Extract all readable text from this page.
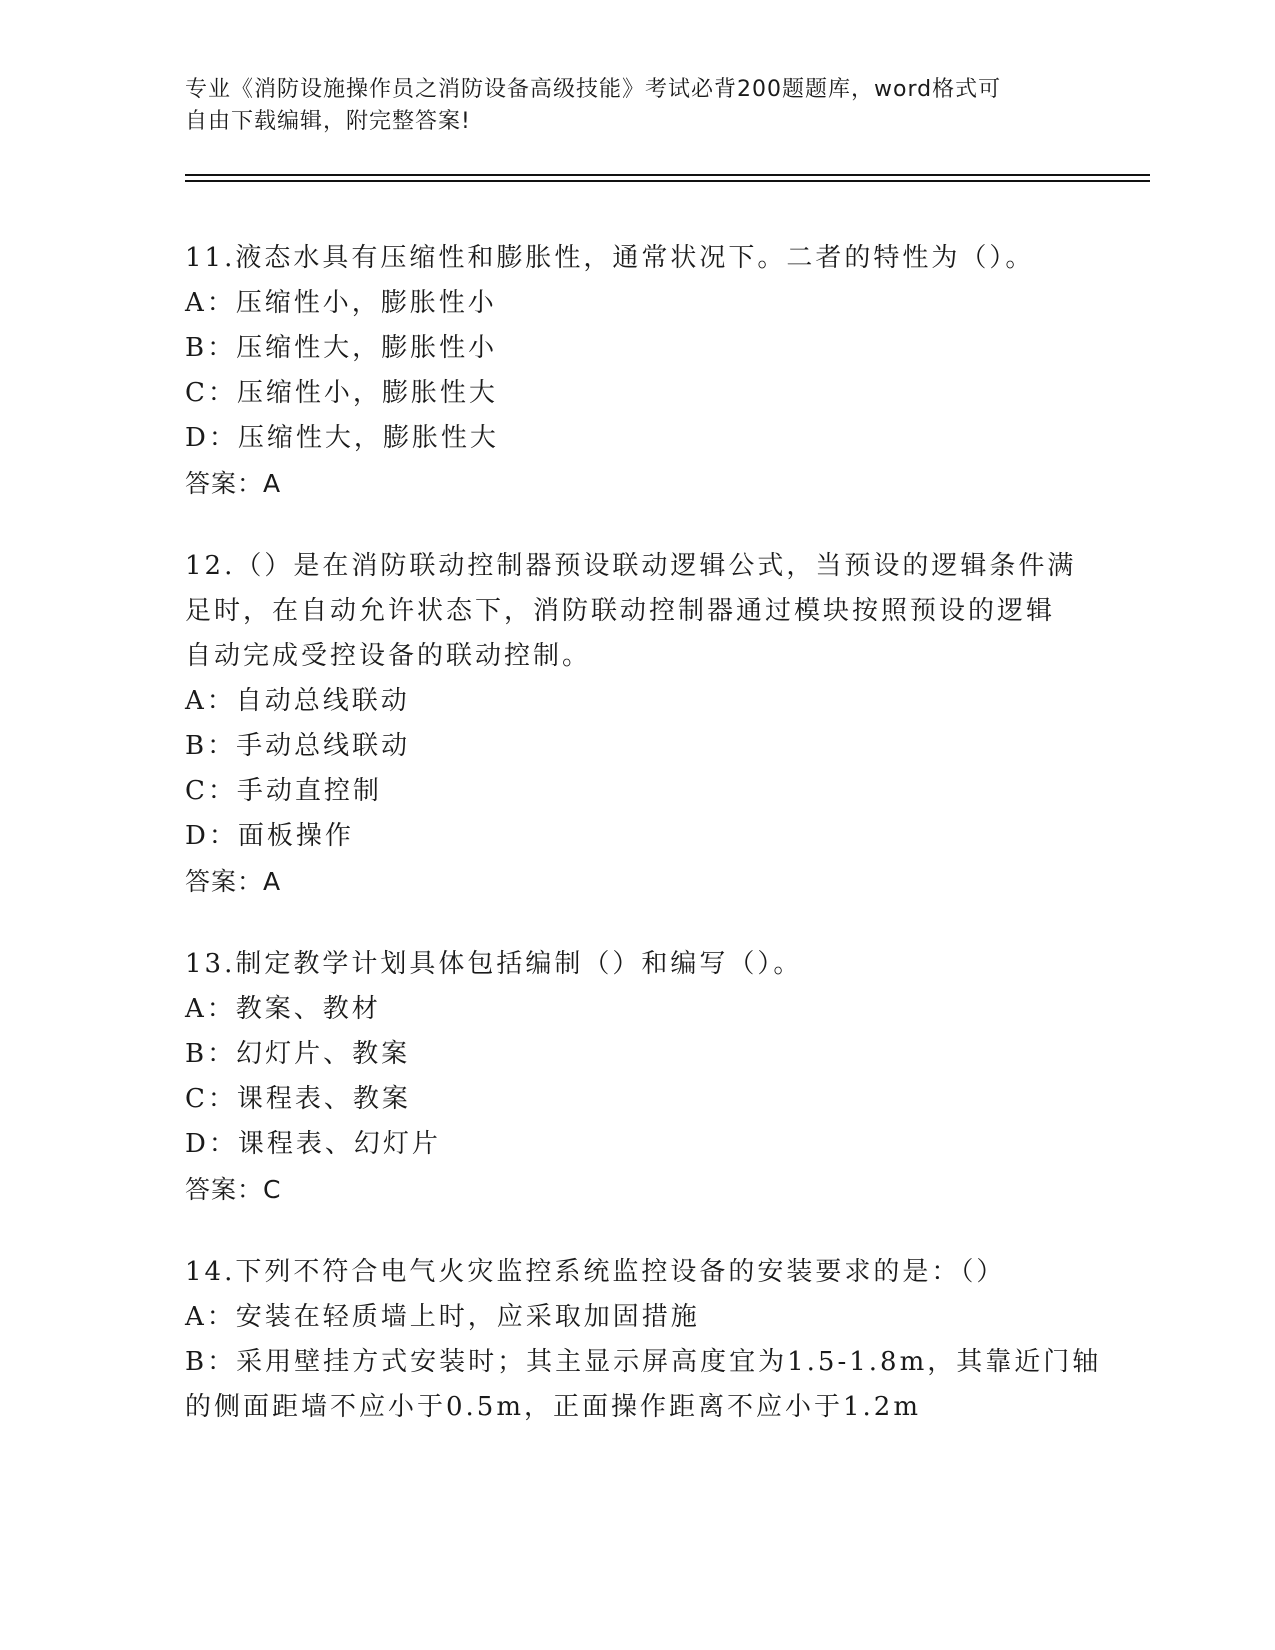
专业《消防设施操作员之消防设备高级技能》考试必背200题题库，word格式可
自由下载编辑，附完整答案!
11.液态水具有压缩性和膨胀性，通常状况下。二者的特性为（）。
A：压缩性小，膨胀性小
B：压缩性大，膨胀性小
C：压缩性小，膨胀性大
D：压缩性大，膨胀性大
答案：A
12.（）是在消防联动控制器预设联动逻辑公式，当预设的逻辑条件满
足时，在自动允许状态下，消防联动控制器通过模块按照预设的逻辑
自动完成受控设备的联动控制。
A：自动总线联动
B：手动总线联动
C：手动直控制
D：面板操作
答案：A
13.制定教学计划具体包括编制（）和编写（）。
A：教案、教材
B：幻灯片、教案
C：课程表、教案
D：课程表、幻灯片
答案：C
14.下列不符合电气火灾监控系统监控设备的安装要求的是：（）
A：安装在轻质墙上时，应采取加固措施
B：采用壁挂方式安装时；其主显示屏高度宜为1.5-1.8m，其靠近门轴
的侧面距墙不应小于0.5m，正面操作距离不应小于1.2m
